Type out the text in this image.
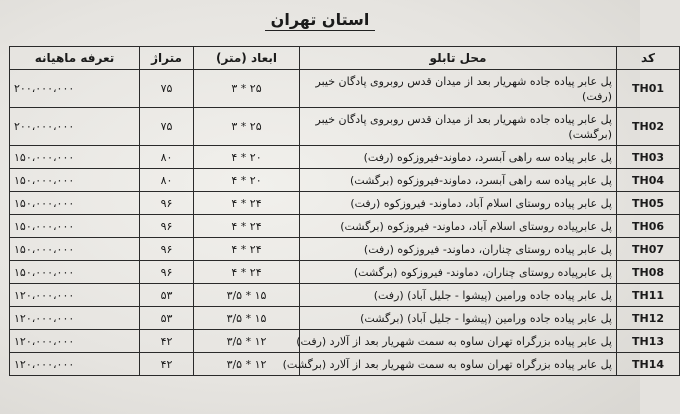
استان تهران
کد	محل تابلو	ابعاد (متر)	متراژ	تعرفه ماهیانه
TH01	پل عابر پیاده جاده شهریار بعد از میدان قدس روبروی پادگان خیبر (رفت)	۲۵ * ۳	۷۵	۲۰۰،۰۰۰،۰۰۰
TH02	پل عابر پیاده جاده شهریار بعد از میدان قدس روبروی پادگان خیبر (برگشت)	۲۵ * ۳	۷۵	۲۰۰،۰۰۰،۰۰۰
TH03	پل عابر پیاده سه راهی آبسرد، دماوند-فیروزکوه (رفت)	۲۰ * ۴	۸۰	۱۵۰،۰۰۰،۰۰۰
TH04	پل عابر پیاده سه راهی آبسرد، دماوند-فیروزکوه (برگشت)	۲۰ * ۴	۸۰	۱۵۰،۰۰۰،۰۰۰
TH05	پل عابر پیاده روستای اسلام آباد، دماوند- فیروزکوه (رفت)	۲۴ * ۴	۹۶	۱۵۰،۰۰۰،۰۰۰
TH06	پل عابرپیاده روستای اسلام آباد، دماوند- فیروزکوه (برگشت)	۲۴ * ۴	۹۶	۱۵۰،۰۰۰،۰۰۰
TH07	پل عابر پیاده روستای چناران، دماوند- فیروزکوه (رفت)	۲۴ * ۴	۹۶	۱۵۰،۰۰۰،۰۰۰
TH08	پل عابرپیاده روستای چناران، دماوند- فیروزکوه (برگشت)	۲۴ * ۴	۹۶	۱۵۰،۰۰۰،۰۰۰
TH11	پل عابر پیاده جاده ورامین (پیشوا - جلیل آباد) (رفت)	۱۵ * ۳/۵	۵۳	۱۲۰،۰۰۰،۰۰۰
TH12	پل عابر پیاده جاده ورامین (پیشوا - جلیل آباد) (برگشت)	۱۵ * ۳/۵	۵۳	۱۲۰،۰۰۰،۰۰۰
TH13	پل عابر پیاده بزرگراه تهران ساوه به سمت شهریار بعد از آلارد (رفت)	۱۲ * ۳/۵	۴۲	۱۲۰،۰۰۰،۰۰۰
TH14	پل عابر پیاده بزرگراه تهران ساوه به سمت شهریار بعد از آلارد (برگشت)	۱۲ * ۳/۵	۴۲	۱۲۰،۰۰۰،۰۰۰
